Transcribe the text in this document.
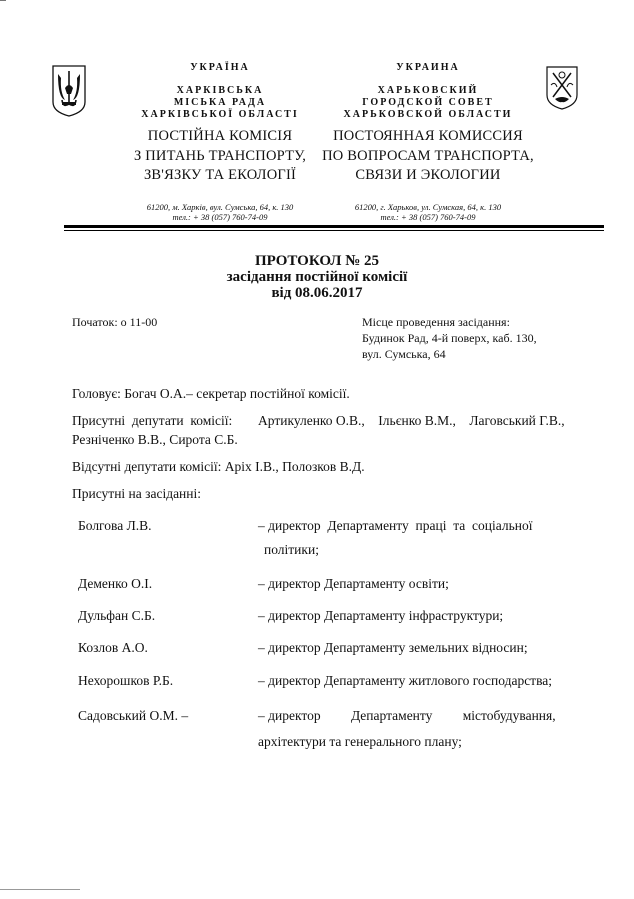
УКРАЇНА
ХАРКІВСЬКА
МІСЬКА РАДА
ХАРКІВСЬКОЇ ОБЛАСТІ
ПОСТІЙНА КОМІСІЯ
З ПИТАНЬ ТРАНСПОРТУ,
ЗВ'ЯЗКУ ТА ЕКОЛОГІЇ
61200, м. Харків, вул. Сумська, 64, к. 130
тел.: + 38 (057) 760-74-09
УКРАИНА
ХАРЬКОВСКИЙ
ГОРОДСКОЙ СОВЕТ
ХАРЬКОВСКОЙ ОБЛАСТИ
ПОСТОЯННАЯ КОМИССИЯ
ПО ВОПРОСАМ ТРАНСПОРТА,
СВЯЗИ И ЭКОЛОГИИ
61200, г. Харьков, ул. Сумская, 64, к. 130
тел.: + 38 (057) 760-74-09
ПРОТОКОЛ № 25
засідання постійної комісії
від 08.06.2017
Початок: о 11-00	Місце проведення засідання:
Будинок Рад, 4-й поверх, каб. 130,
вул. Сумська, 64
Головує: Богач О.А.– секретар постійної комісії.
Присутні  депутати  комісії: Артикуленко О.В.,    Ільєнко В.М.,    Лаговський Г.В.,
Резніченко В.В., Сирота С.Б.
Відсутні депутати комісії: Аріх І.В., Полозков В.Д.
Присутні на засіданні:
Болгова Л.В.	– директор  Департаменту  праці  та  соціальної
політики;
Деменко О.І.	– директор Департаменту освіти;
Дульфан С.Б.	– директор Департаменту інфраструктури;
Козлов А.О.	– директор Департаменту земельних відносин;
Нехорошков Р.Б.	– директор Департаменту житлового господарства;
Садовський О.М. –	– директор         Департаменту         містобудування,
архітектури та генерального плану;
